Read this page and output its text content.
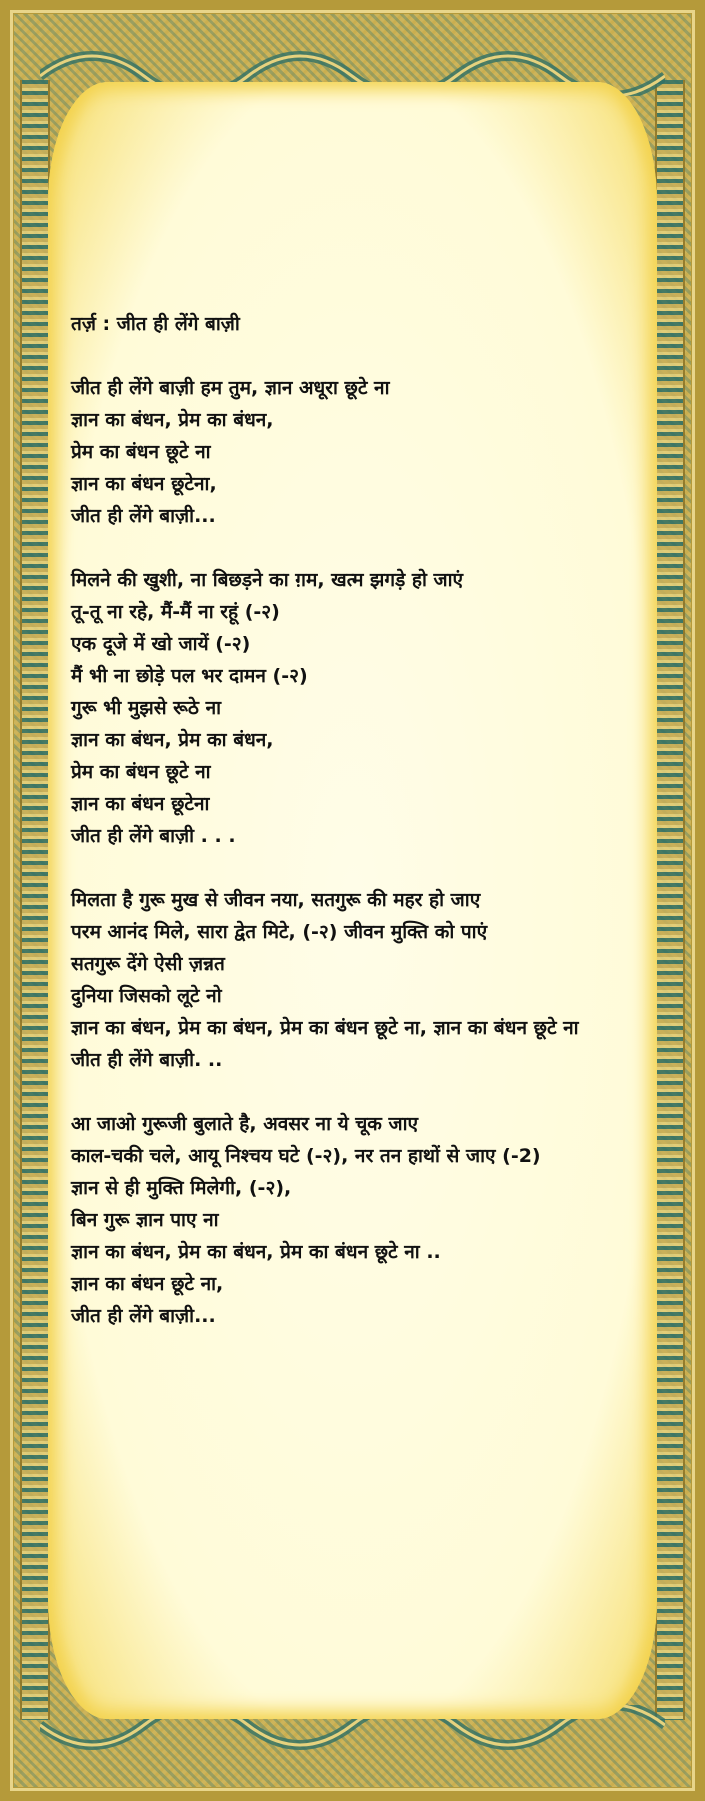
तर्ज़ : जीत ही लेंगे बाज़ी
जीत ही लेंगे बाज़ी हम तुम, ज्ञान अधूरा छूटे ना
ज्ञान का बंधन, प्रेम का बंधन,
प्रेम का बंधन छूटे ना
ज्ञान का बंधन छूटेना,
जीत ही लेंगे बाज़ी...
मिलने की खुशी, ना बिछड़ने का ग़म, खत्म झगड़े हो जाएं
तू-तू ना रहे, मैं-मैं ना रहूं (-२)
एक दूजे में खो जायें (-२)
मैं भी ना छोड़े पल भर दामन (-२)
गुरू भी मुझसे रूठे ना
ज्ञान का बंधन, प्रेम का बंधन,
प्रेम का बंधन छूटे ना
ज्ञान का बंधन छूटेना
जीत ही लेंगे बाज़ी . . .
मिलता है गुरू मुख से जीवन नया, सतगुरू की महर हो जाए
परम आनंद मिले, सारा द्वेत मिटे, (-२) जीवन मुक्ति को पाएं
सतगुरू देंगे ऐसी ज़न्नत
दुनिया जिसको लूटे नो
ज्ञान का बंधन, प्रेम का बंधन, प्रेम का बंधन छूटे ना, ज्ञान का बंधन छूटे ना
जीत ही लेंगे बाज़ी. ..
आ जाओ गुरूजी बुलाते है, अवसर ना ये चूक जाए
काल-चकी चले, आयू निश्चय घटे (-२), नर तन हाथों से जाए (-2)
ज्ञान से ही मुक्ति मिलेगी, (-२),
बिन गुरू ज्ञान पाए ना
ज्ञान का बंधन, प्रेम का बंधन, प्रेम का बंधन छूटे ना ..
ज्ञान का बंधन छूटे ना,
जीत ही लेंगे बाज़ी...
